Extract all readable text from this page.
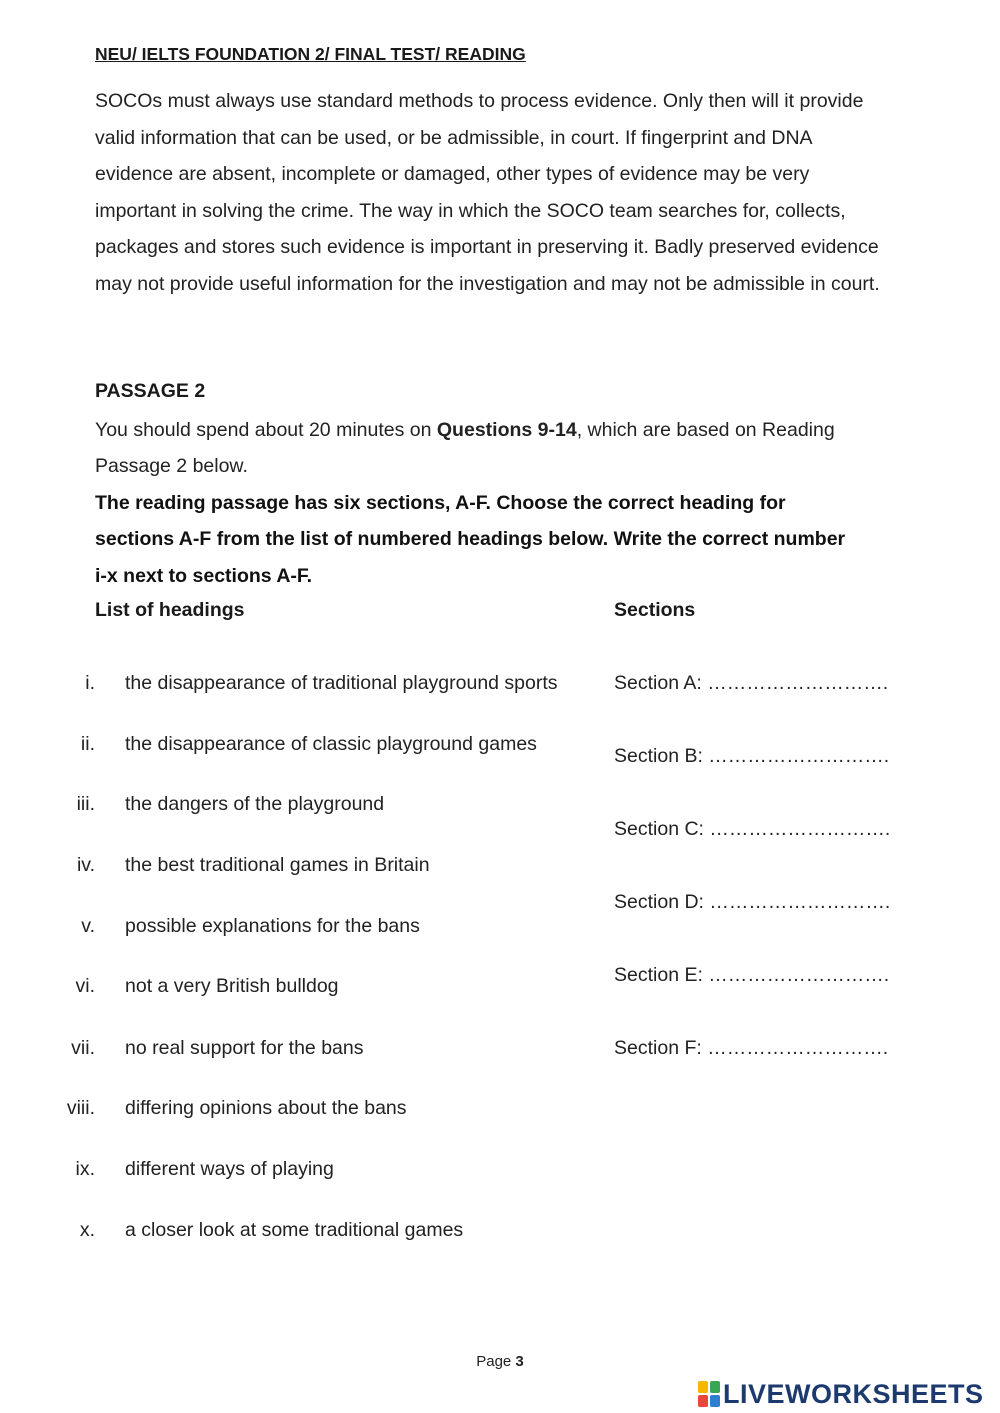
NEU/ IELTS FOUNDATION 2/ FINAL TEST/ READING
SOCOs must always use standard methods to process evidence. Only then will it provide
valid information that can be used, or be admissible, in court. If fingerprint and DNA
evidence are absent, incomplete or damaged, other types of evidence may be very
important in solving the crime. The way in which the SOCO team searches for, collects,
packages and stores such evidence is important in preserving it. Badly preserved evidence
may not provide useful information for the investigation and may not be admissible in court.
PASSAGE 2
You should spend about 20 minutes on Questions 9-14, which are based on Reading
Passage 2 below.
The reading passage has six sections, A-F. Choose the correct heading for
sections A-F from the list of numbered headings below. Write the correct number
i-x next to sections A-F.
List of headings	Sections
i. the disappearance of traditional playground sports
ii. the disappearance of classic playground games
iii. the dangers of the playground
iv. the best traditional games in Britain
v. possible explanations for the bans
vi. not a very British bulldog
vii. no real support for the bans
viii. differing opinions about the bans
ix. different ways of playing
x. a closer look at some traditional games
Section A: ……………………….
Section B: ……………………….
Section C: ……………………….
Section D: ……………………….
Section E: ……………………….
Section F: ……………………….
Page 3
LIVEWORKSHEETS
